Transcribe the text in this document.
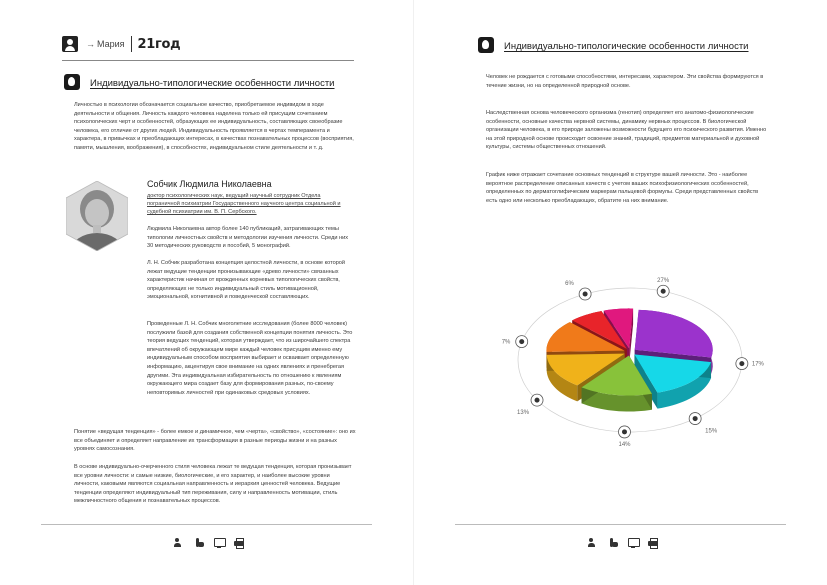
→ Мария 21год
Индивидуально-типологические особенности личности
Личностью в психологии обозначается социальное качество, приобретаемое индивидом в ходе деятельности и общения. Личность каждого человека наделена только ей присущим сочетанием психологических черт и особенностей, образующих ее индивидуальность, составляющих своеобразие человека, его отличие от других людей. Индивидуальность проявляется в чертах темперамента и характера, в привычках и преобладающих интересах, в качествах познавательных процессов (восприятия, памяти, мышления, воображения), в способностях, индивидуальном стиле деятельности и т. д.
Собчик Людмила Николаевна
доктор психологических наук, ведущий научный сотрудник Отдела пограничной психиатрии Государственного научного центра социальной и судебной психиатрии им. В. П. Сербского.
Людмила Николаевна автор более 140 публикаций, затрагивающих темы типологии личностных свойств и методологии изучения личности. Среди них 30 методических руководств и пособий, 5 монографий.
Л. Н. Собчик разработана концепция целостной личности, в основе которой лежат ведущие тенденции пронизывающие «древо личности» связанных характеристик начиная от врожденных корневых типологических свойств, определяющих не только индивидуальный стиль мотивационной, эмоциональной, когнитивной и поведенческой составляющих.
Проведенные Л. Н. Собчик многолетние исследования (более 8000 человек) послужили базой для создания собственной концепции понятия личность. Это теория ведущих тенденций, которая утверждает, что из широчайшего спектра впечатлений об окружающем мире каждый человек присущим именно ему индивидуальным способом восприятия выбирает и осваивает определенную информацию, акцентируя свое внимание на одних явлениях и пренебрегая другими. Эта индивидуальная избирательность по отношению к явлениям окружающего мира создает базу для формирования разных, по-своему неповторимых личностей при одинаковых средовых условиях.
Понятие «ведущая тенденция» - более емкое и динамичное, чем «черта», «свойство», «состояние»: оно их все объединяет и определяет направление их трансформации в разные периоды жизни и на разных уровнях самосознания.
В основе индивидуально-очерченного стиля человека лежат те ведущая тенденция, которая пронизывает все уровни личности: и самые низкие, биологические, и его характер, и наиболее высокие уровни личности, каковыми являются социальная направленность и иерархия ценностей человека. Ведущие тенденции определяют индивидуальный тип переживания, силу и направленность мотивации, стиль межличностного общения и познавательных процессов.
Индивидуально-типологические особенности личности
Человек не рождается с готовыми способностями, интересами, характером. Эти свойства формируются в течение жизни, но на определенной природной основе.
Наследственная основа человеческого организма (генотип) определяет его анатомо-физиологические особенности, основные качества нервной системы, динамику нервных процессов. В биологической организации человека, в его природе заложены возможности будущего его психического развития. Именно на этой природной основе происходит освоение знаний, традиций, предметов материальной и духовной культуры, системы общественных отношений.
График ниже отражает сочетание основных тенденций в структуре вашей личности. Это - наиболее вероятное распределение описанных качеств с учетом ваших психофизиологических особенностей, определенных по дерматоглифическим маркерам пальцевой формулы. Среди представленных свойств есть одно или несколько преобладающих, обратите на них внимание.
27%
17%
15%
14%
13%
7%
6%
